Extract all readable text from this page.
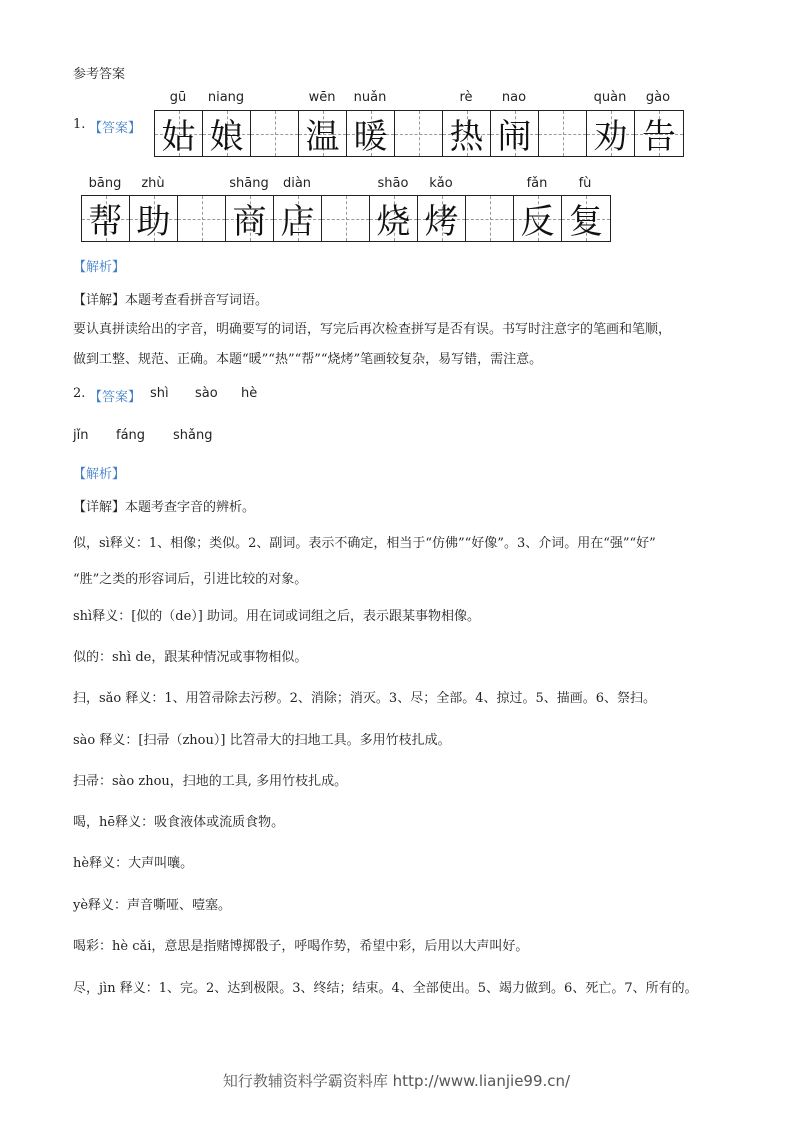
参考答案
1. 【答案】
gū	niang	wēn	nuǎn	rè	nao	quàn	gào
姑 娘 温 暖 热 闹 劝 告
bāng	zhù	shāng	diàn	shāo	kǎo	fǎn	fù
帮 助 商 店 烧 烤 反 复
【解析】
【详解】本题考查看拼音写词语。
要认真拼读给出的字音，明确要写的词语，写完后再次检查拼写是否有误。书写时注意字的笔画和笔顺，
做到工整、规范、正确。本题“暖”“热”“帮”“烧烤”笔画较复杂，易写错，需注意。
2. 【答案】 shì sào hè
jǐn fáng shǎng
【解析】
【详解】本题考查字音的辨析。
似，sì释义：1、相像；类似。2、副词。表示不确定，相当于“仿佛”“好像”。3、介词。用在“强”“好”
“胜”之类的形容词后，引进比较的对象。
shì释义：[似的（de）] 助词。用在词或词组之后，表示跟某事物相像。
似的：shì de，跟某种情况或事物相似。
扫，sǎo 释义：1、用笤帚除去污秽。2、消除；消灭。3、尽；全部。4、掠过。5、描画。6、祭扫。
sào 释义：[扫帚（zhou）] 比笤帚大的扫地工具。多用竹枝扎成。
扫帚：sào zhou，扫地的工具, 多用竹枝扎成。
喝，hē释义：吸食液体或流质食物。
hè释义：大声叫嚷。
yè释义：声音嘶哑、噎塞。
喝彩：hè cǎi，意思是指赌博掷骰子，呼喝作势，希望中彩，后用以大声叫好。
尽，jìn 释义：1、完。2、达到极限。3、终结；结束。4、全部使出。5、竭力做到。6、死亡。7、所有的。
知行教辅资料学霸资料库 http://www.lianjie99.cn/
